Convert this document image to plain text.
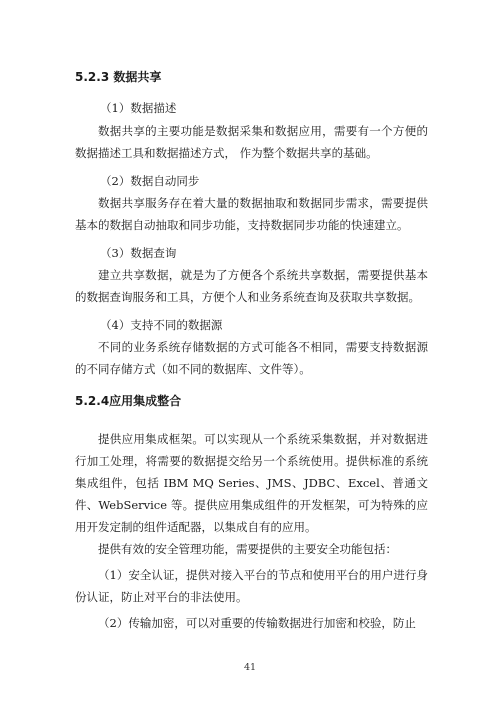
5.2.3 数据共享
（1）数据描述
数据共享的主要功能是数据采集和数据应用，需要有一个方便的数据描述工具和数据描述方式， 作为整个数据共享的基础。
（2）数据自动同步
数据共享服务存在着大量的数据抽取和数据同步需求，需要提供基本的数据自动抽取和同步功能，支持数据同步功能的快速建立。
（3）数据查询
建立共享数据，就是为了方便各个系统共享数据，需要提供基本的数据查询服务和工具，方便个人和业务系统查询及获取共享数据。
（4）支持不同的数据源
不同的业务系统存储数据的方式可能各不相同，需要支持数据源的不同存储方式（如不同的数据库、文件等）。
5.2.4应用集成整合
提供应用集成框架。可以实现从一个系统采集数据，并对数据进行加工处理，将需要的数据提交给另一个系统使用。提供标准的系统集成组件，包括 IBM MQ Series、JMS、JDBC、Excel、普通文件、WebService 等。提供应用集成组件的开发框架，可为特殊的应用开发定制的组件适配器，以集成自有的应用。
提供有效的安全管理功能，需要提供的主要安全功能包括：
（1）安全认证，提供对接入平台的节点和使用平台的用户进行身份认证，防止对平台的非法使用。
（2）传输加密，可以对重要的传输数据进行加密和校验，防止
41
